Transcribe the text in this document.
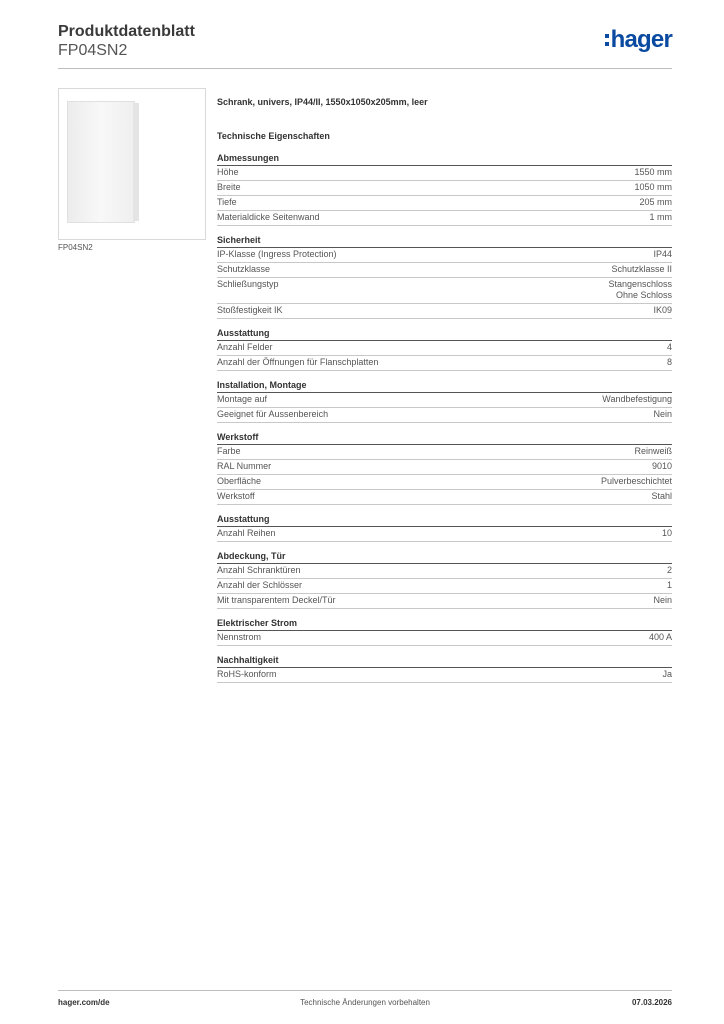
Produktdatenblatt
FP04SN2	hager
FP04SN2
Schrank, univers, IP44/II, 1550x1050x205mm, leer
Technische Eigenschaften
Abmessungen
Höhe	1550 mm
Breite	1050 mm
Tiefe	205 mm
Materialdicke Seitenwand	1 mm
Sicherheit
IP-Klasse (Ingress Protection)	IP44
Schutzklasse	Schutzklasse II
Schließungstyp	Stangenschloss
Ohne Schloss
Stoßfestigkeit IK	IK09
Ausstattung
Anzahl Felder	4
Anzahl der Öffnungen für Flanschplatten	8
Installation, Montage
Montage auf	Wandbefestigung
Geeignet für Aussenbereich	Nein
Werkstoff
Farbe	Reinweiß
RAL Nummer	9010
Oberfläche	Pulverbeschichtet
Werkstoff	Stahl
Ausstattung
Anzahl Reihen	10
Abdeckung, Tür
Anzahl Schranktüren	2
Anzahl der Schlösser	1
Mit transparentem Deckel/Tür	Nein
Elektrischer Strom
Nennstrom	400 A
Nachhaltigkeit
RoHS-konform	Ja
hager.com/de	Technische Änderungen vorbehalten	07.03.2026
